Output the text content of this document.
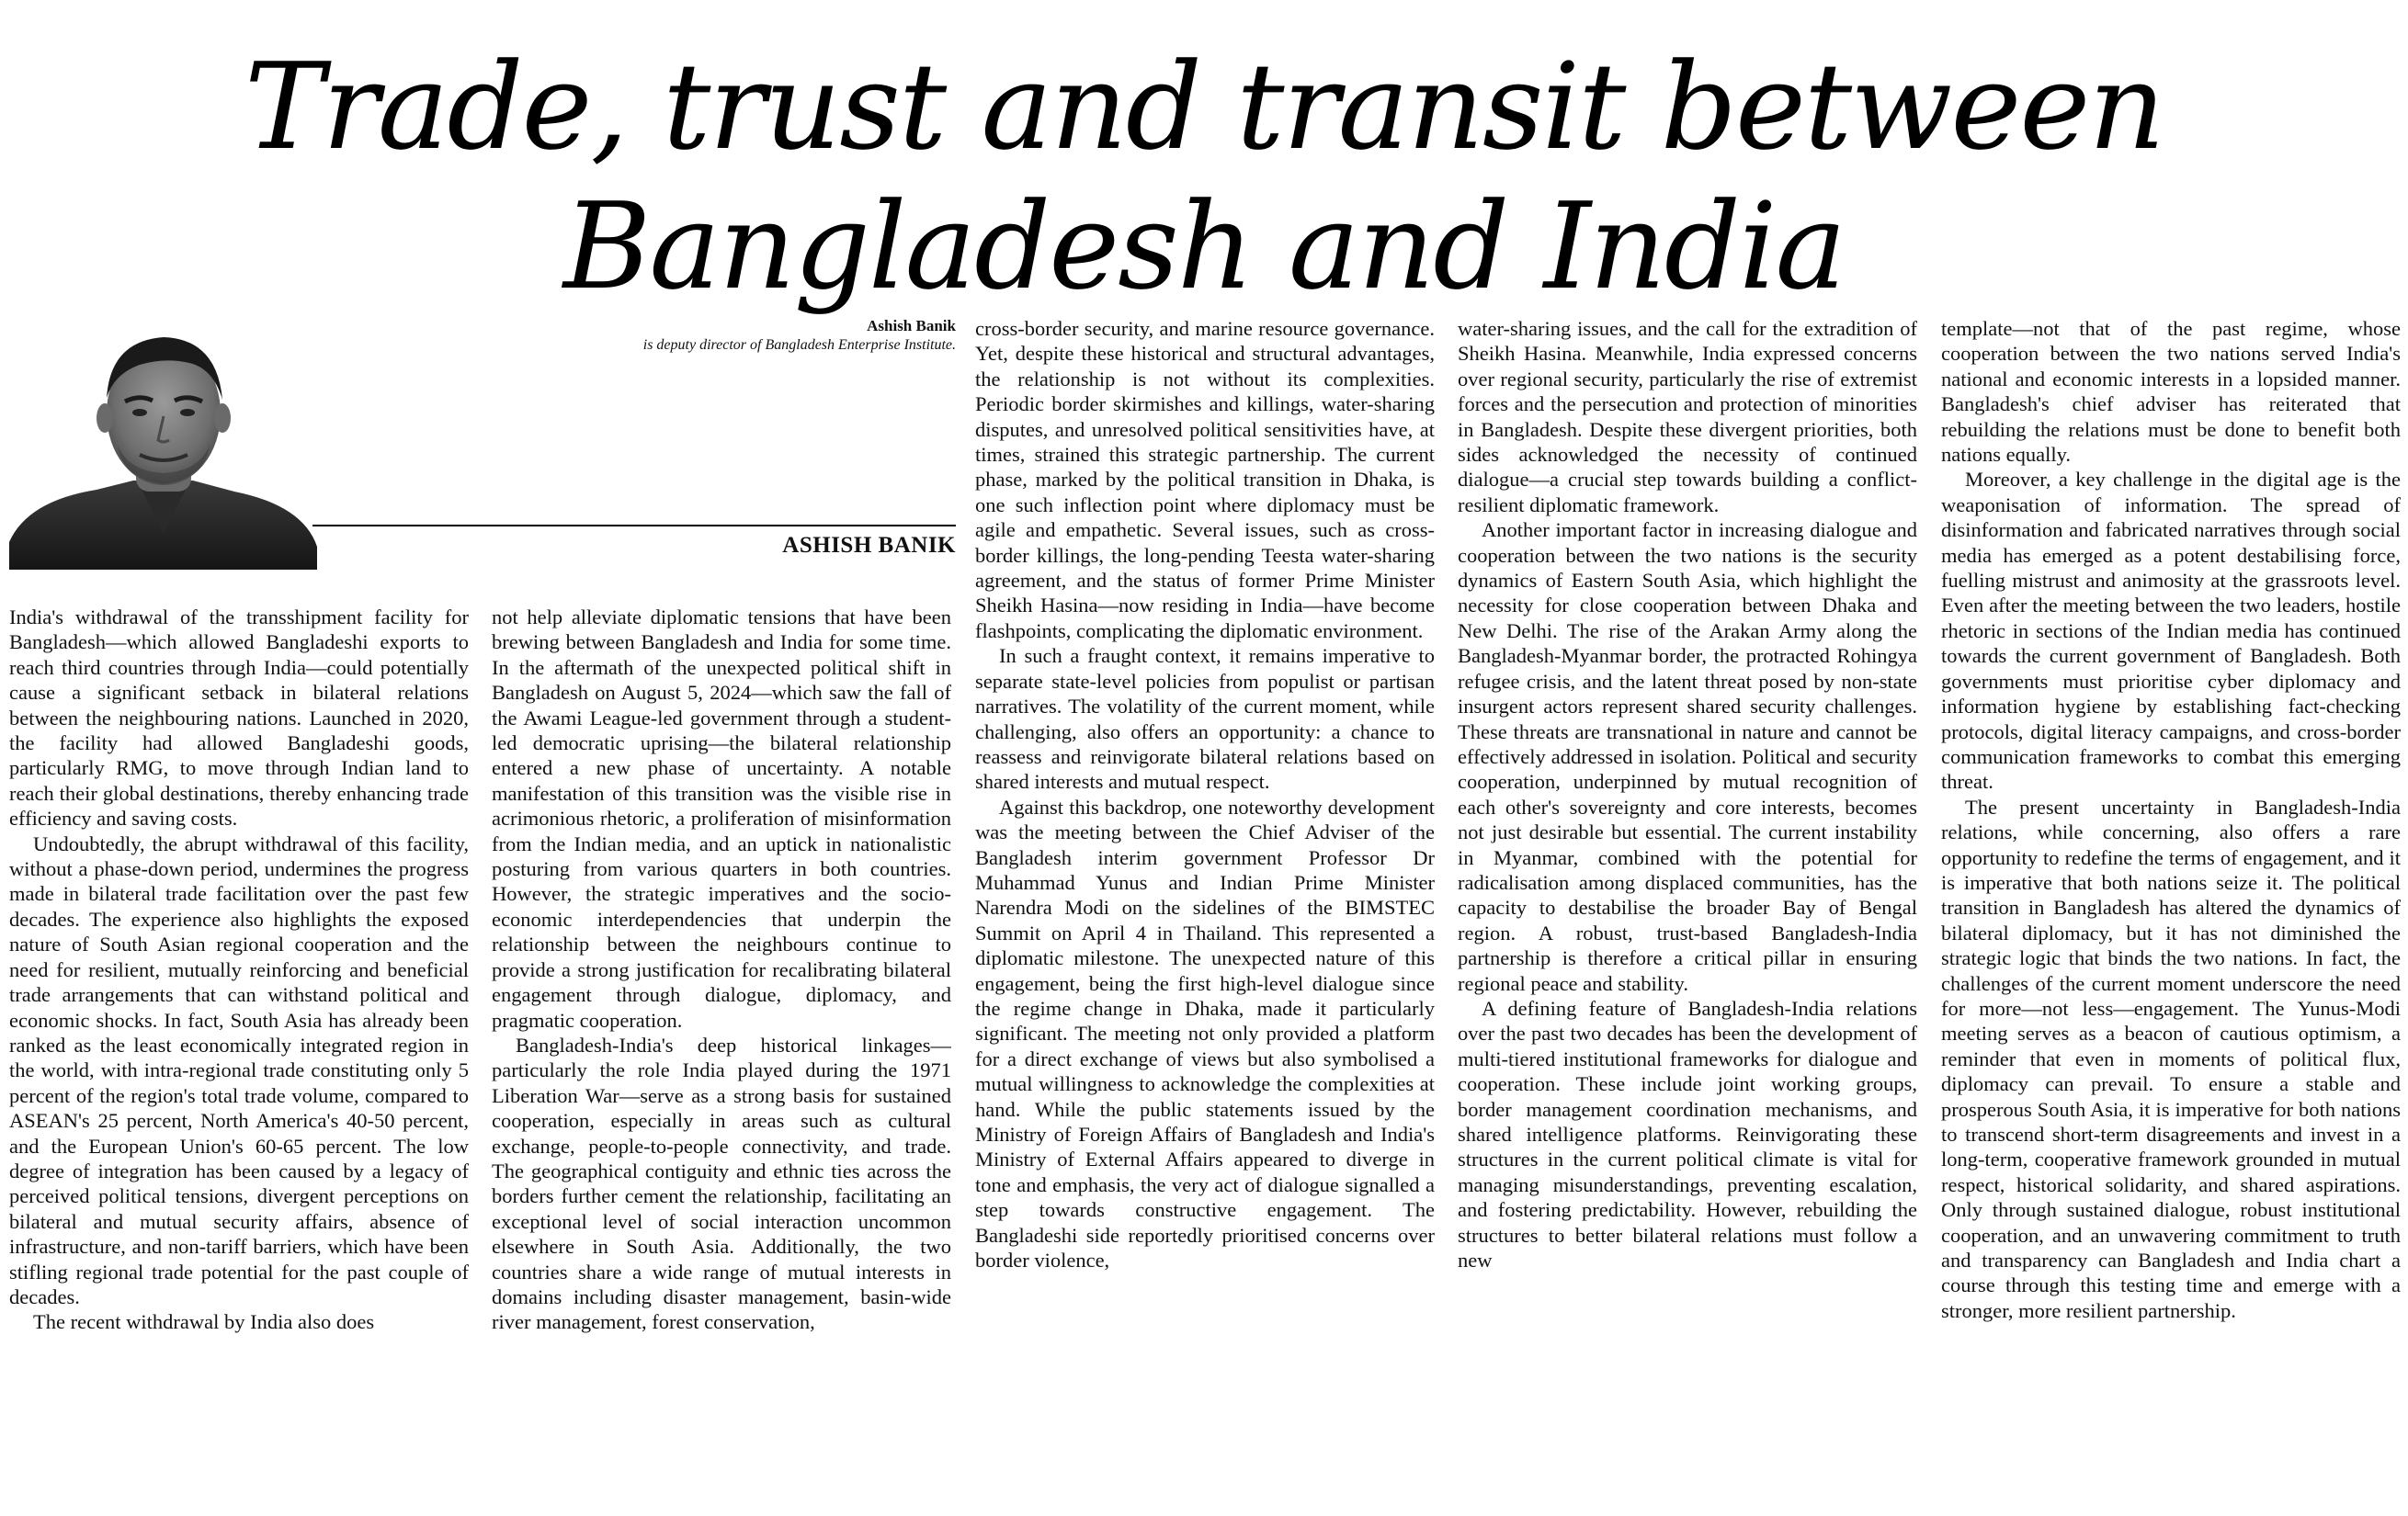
Trade, trust and transit between
Bangladesh and India
Ashish Banik
is deputy director of Bangladesh Enterprise Institute.
ASHISH BANIK

India's withdrawal of the transshipment facility for Bangladesh—which allowed Bangladeshi exports to reach third countries through India—could potentially cause a significant setback in bilateral relations between the neighbouring nations. Launched in 2020, the facility had allowed Bangladeshi goods, particularly RMG, to move through Indian land to reach their global destinations, thereby enhancing trade efficiency and saving costs.

Undoubtedly, the abrupt withdrawal of this facility, without a phase-down period, undermines the progress made in bilateral trade facilitation over the past few decades. The experience also highlights the exposed nature of South Asian regional cooperation and the need for resilient, mutually reinforcing and beneficial trade arrangements that can withstand political and economic shocks. In fact, South Asia has already been ranked as the least economically integrated region in the world, with intra-regional trade constituting only 5 percent of the region's total trade volume, compared to ASEAN's 25 percent, North America's 40-50 percent, and the European Union's 60-65 percent. The low degree of integration has been caused by a legacy of perceived political tensions, divergent perceptions on bilateral and mutual security affairs, absence of infrastructure, and non-tariff barriers, which have been stifling regional trade potential for the past couple of decades.

The recent withdrawal by India also does

not help alleviate diplomatic tensions that have been brewing between Bangladesh and India for some time. In the aftermath of the unexpected political shift in Bangladesh on August 5, 2024—which saw the fall of the Awami League-led government through a student-led democratic uprising—the bilateral relationship entered a new phase of uncertainty. A notable manifestation of this transition was the visible rise in acrimonious rhetoric, a proliferation of misinformation from the Indian media, and an uptick in nationalistic posturing from various quarters in both countries. However, the strategic imperatives and the socio-economic interdependencies that underpin the relationship between the neighbours continue to provide a strong justification for recalibrating bilateral engagement through dialogue, diplomacy, and pragmatic cooperation.

Bangladesh-India's deep historical linkages—particularly the role India played during the 1971 Liberation War—serve as a strong basis for sustained cooperation, especially in areas such as cultural exchange, people-to-people connectivity, and trade. The geographical contiguity and ethnic ties across the borders further cement the relationship, facilitating an exceptional level of social interaction uncommon elsewhere in South Asia. Additionally, the two countries share a wide range of mutual interests in domains including disaster management, basin-wide river management, forest conservation,

cross-border security, and marine resource governance. Yet, despite these historical and structural advantages, the relationship is not without its complexities. Periodic border skirmishes and killings, water-sharing disputes, and unresolved political sensitivities have, at times, strained this strategic partnership. The current phase, marked by the political transition in Dhaka, is one such inflection point where diplomacy must be agile and empathetic. Several issues, such as cross-border killings, the long-pending Teesta water-sharing agreement, and the status of former Prime Minister Sheikh Hasina—now residing in India—have become flashpoints, complicating the diplomatic environment.

In such a fraught context, it remains imperative to separate state-level policies from populist or partisan narratives. The volatility of the current moment, while challenging, also offers an opportunity: a chance to reassess and reinvigorate bilateral relations based on shared interests and mutual respect.

Against this backdrop, one noteworthy development was the meeting between the Chief Adviser of the Bangladesh interim government Professor Dr Muhammad Yunus and Indian Prime Minister Narendra Modi on the sidelines of the BIMSTEC Summit on April 4 in Thailand. This represented a diplomatic milestone. The unexpected nature of this engagement, being the first high-level dialogue since the regime change in Dhaka, made it particularly significant. The meeting not only provided a platform for a direct exchange of views but also symbolised a mutual willingness to acknowledge the complexities at hand. While the public statements issued by the Ministry of Foreign Affairs of Bangladesh and India's Ministry of External Affairs appeared to diverge in tone and emphasis, the very act of dialogue signalled a step towards constructive engagement. The Bangladeshi side reportedly prioritised concerns over border violence,

water-sharing issues, and the call for the extradition of Sheikh Hasina. Meanwhile, India expressed concerns over regional security, particularly the rise of extremist forces and the persecution and protection of minorities in Bangladesh. Despite these divergent priorities, both sides acknowledged the necessity of continued dialogue—a crucial step towards building a conflict-resilient diplomatic framework.

Another important factor in increasing dialogue and cooperation between the two nations is the security dynamics of Eastern South Asia, which highlight the necessity for close cooperation between Dhaka and New Delhi. The rise of the Arakan Army along the Bangladesh-Myanmar border, the protracted Rohingya refugee crisis, and the latent threat posed by non-state insurgent actors represent shared security challenges. These threats are transnational in nature and cannot be effectively addressed in isolation. Political and security cooperation, underpinned by mutual recognition of each other's sovereignty and core interests, becomes not just desirable but essential. The current instability in Myanmar, combined with the potential for radicalisation among displaced communities, has the capacity to destabilise the broader Bay of Bengal region. A robust, trust-based Bangladesh-India partnership is therefore a critical pillar in ensuring regional peace and stability.

A defining feature of Bangladesh-India relations over the past two decades has been the development of multi-tiered institutional frameworks for dialogue and cooperation. These include joint working groups, border management coordination mechanisms, and shared intelligence platforms. Reinvigorating these structures in the current political climate is vital for managing misunderstandings, preventing escalation, and fostering predictability. However, rebuilding the structures to better bilateral relations must follow a new

template—not that of the past regime, whose cooperation between the two nations served India's national and economic interests in a lopsided manner. Bangladesh's chief adviser has reiterated that rebuilding the relations must be done to benefit both nations equally.

Moreover, a key challenge in the digital age is the weaponisation of information. The spread of disinformation and fabricated narratives through social media has emerged as a potent destabilising force, fuelling mistrust and animosity at the grassroots level. Even after the meeting between the two leaders, hostile rhetoric in sections of the Indian media has continued towards the current government of Bangladesh. Both governments must prioritise cyber diplomacy and information hygiene by establishing fact-checking protocols, digital literacy campaigns, and cross-border communication frameworks to combat this emerging threat.

The present uncertainty in Bangladesh-India relations, while concerning, also offers a rare opportunity to redefine the terms of engagement, and it is imperative that both nations seize it. The political transition in Bangladesh has altered the dynamics of bilateral diplomacy, but it has not diminished the strategic logic that binds the two nations. In fact, the challenges of the current moment underscore the need for more—not less—engagement. The Yunus-Modi meeting serves as a beacon of cautious optimism, a reminder that even in moments of political flux, diplomacy can prevail. To ensure a stable and prosperous South Asia, it is imperative for both nations to transcend short-term disagreements and invest in a long-term, cooperative framework grounded in mutual respect, historical solidarity, and shared aspirations. Only through sustained dialogue, robust institutional cooperation, and an unwavering commitment to truth and transparency can Bangladesh and India chart a course through this testing time and emerge with a stronger, more resilient partnership.
